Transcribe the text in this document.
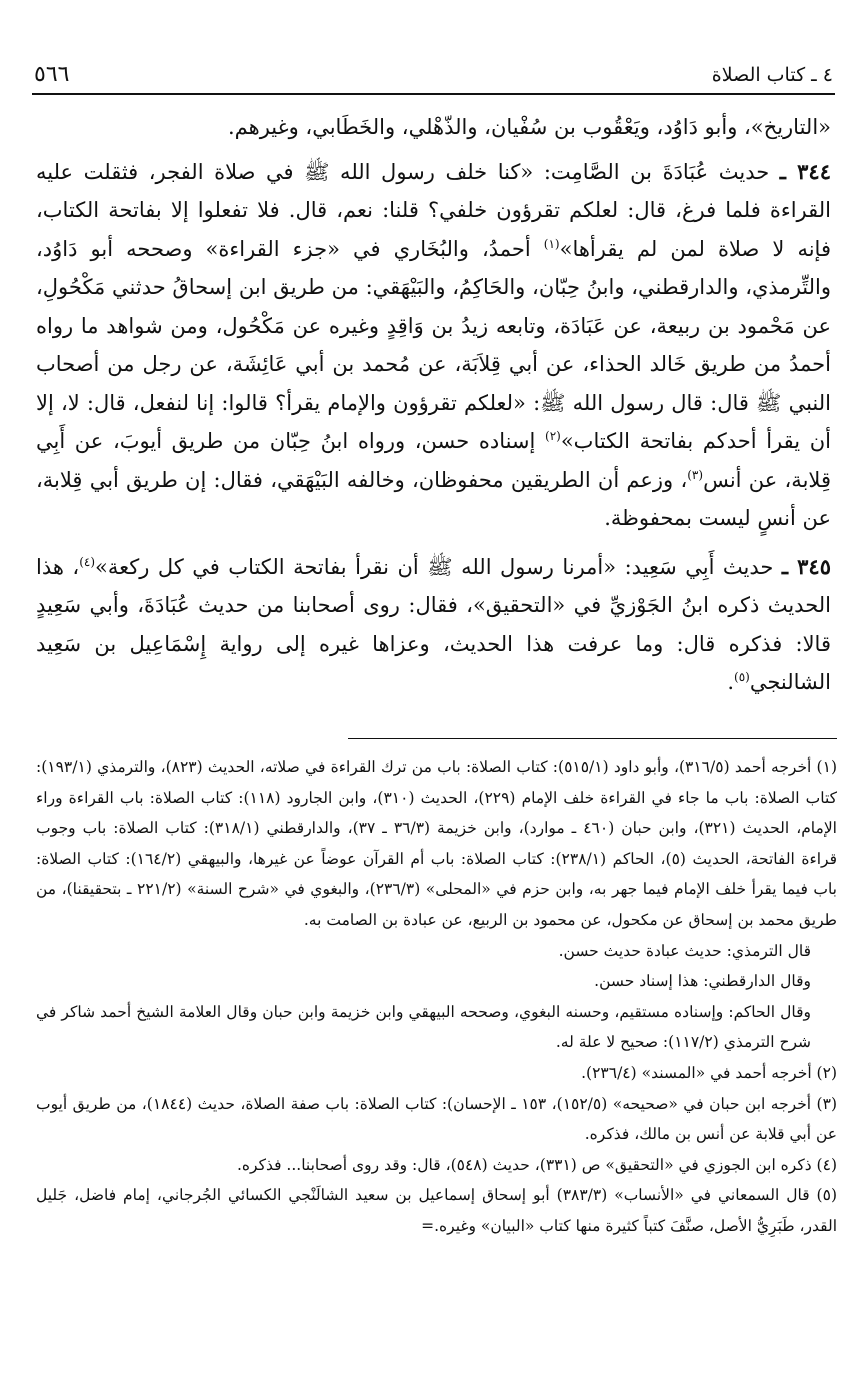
٥٦٦	٤ ـ كتاب الصلاة

«التاريخ»، وأبو دَاوُد، ويَعْقُوب بن سُفْيان، والذّهْلي، والخَطَابي، وغيرهم.

٣٤٤ ـ حديث عُبَادَةَ بن الصَّامِت: «كنا خلف رسول الله ﷺ في صلاة الفجر، فثقلت عليه القراءة فلما فرغ، قال: لعلكم تقرؤون خلفي؟ قلنا: نعم، قال. فلا تفعلوا إلا بفاتحة الكتاب، فإنه لا صلاة لمن لم يقرأها»$^{(١)}$ أحمدُ، والبُخَاري في «جزء القراءة» وصححه أبو دَاوُد، والتِّرمذي، والدارقطني، وابنُ حِبّان، والحَاكِمُ، والبَيْهَقي: من طريق ابن إسحاقُ حدثني مَكْحُولِ، عن مَحْمود بن ربيعة، عن عَبَادَة، وتابعه زيدُ بن وَاقِدٍ وغيره عن مَكْحُول، ومن شواهد ما رواه أحمدُ من طريق خَالد الحذاء، عن أبي قِلاَبَة، عن مُحمد بن أبي عَائِشَة، عن رجل من أصحاب النبي ﷺ قال: قال رسول الله ﷺ: «لعلكم تقرؤون والإمام يقرأ؟ قالوا: إنا لنفعل، قال: لا، إلا أن يقرأ أحدكم بفاتحة الكتاب»$^{(٢)}$ إسناده حسن، ورواه ابنُ حِبّان من طريق أيوبَ، عن أَبِي قِلابة، عن أنس$^{(٣)}$، وزعم أن الطريقين محفوظان، وخالفه البَيْهَقي، فقال: إن طريق أبي قِلابة، عن أنسٍ ليست بمحفوظة.

٣٤٥ ـ حديث أَبِي سَعِيد: «أمرنا رسول الله ﷺ أن نقرأ بفاتحة الكتاب في كل ركعة»$^{(٤)}$، هذا الحديث ذكره ابنُ الجَوْزيِّ في «التحقيق»، فقال: روى أصحابنا من حديث عُبَادَةَ، وأبي سَعِيدٍ قالا: فذكره قال: وما عرفت هذا الحديث، وعزاها غيره إلى رواية إِسْمَاعِيل بن سَعِيد الشالنجي$^{(٥)}$.

(١) أخرجه أحمد (٣١٦/٥)، وأبو داود (٥١٥/١): كتاب الصلاة: باب من ترك القراءة في صلاته، الحديث (٨٢٣)، والترمذي (١٩٣/١): كتاب الصلاة: باب ما جاء في القراءة خلف الإمام (٢٢٩)، الحديث (٣١٠)، وابن الجارود (١١٨): كتاب الصلاة: باب القراءة وراء الإمام، الحديث (٣٢١)، وابن حبان (٤٦٠ ـ موارد)، وابن خزيمة (٣٦/٣ ـ ٣٧)، والدارقطني (٣١٨/١): كتاب الصلاة: باب وجوب قراءة الفاتحة، الحديث (٥)، الحاكم (٢٣٨/١): كتاب الصلاة: باب أم القرآن عوضاً عن غيرها، والبيهقي (١٦٤/٢): كتاب الصلاة: باب فيما يقرأ خلف الإمام فيما جهر به، وابن حزم في «المحلى» (٢٣٦/٣)، والبغوي في «شرح السنة» (٢٢١/٢ ـ بتحقيقنا)، من طريق محمد بن إسحاق عن مكحول، عن محمود بن الربيع، عن عبادة بن الصامت به.

قال الترمذي: حديث عبادة حديث حسن.

وقال الدارقطني: هذا إسناد حسن.

وقال الحاكم: وإسناده مستقيم، وحسنه البغوي، وصححه البيهقي وابن خزيمة وابن حبان وقال العلامة الشيخ أحمد شاكر في شرح الترمذي (١١٧/٢): صحيح لا علة له.

(٢) أخرجه أحمد في «المسند» (٢٣٦/٤).

(٣) أخرجه ابن حبان في «صحيحه» (١٥٢/٥)، ١٥٣ ـ الإحسان): كتاب الصلاة: باب صفة الصلاة، حديث (١٨٤٤)، من طريق أيوب عن أبي قلابة عن أنس بن مالك، فذكره.

(٤) ذكره ابن الجوزي في «التحقيق» ص (٣٣١)، حديث (٥٤٨)، قال: وقد روى أصحابنا... فذكره.

(٥) قال السمعاني في «الأنساب» (٣٨٣/٣) أبو إسحاق إسماعيل بن سعيد الشالَنْجي الكسائي الجُرجاني، إمام فاضل، جَليل القدر، طَبَرِيُّ الأصل، صنَّفَ كتباً كثيرة منها كتاب «البيان» وغيره.=
